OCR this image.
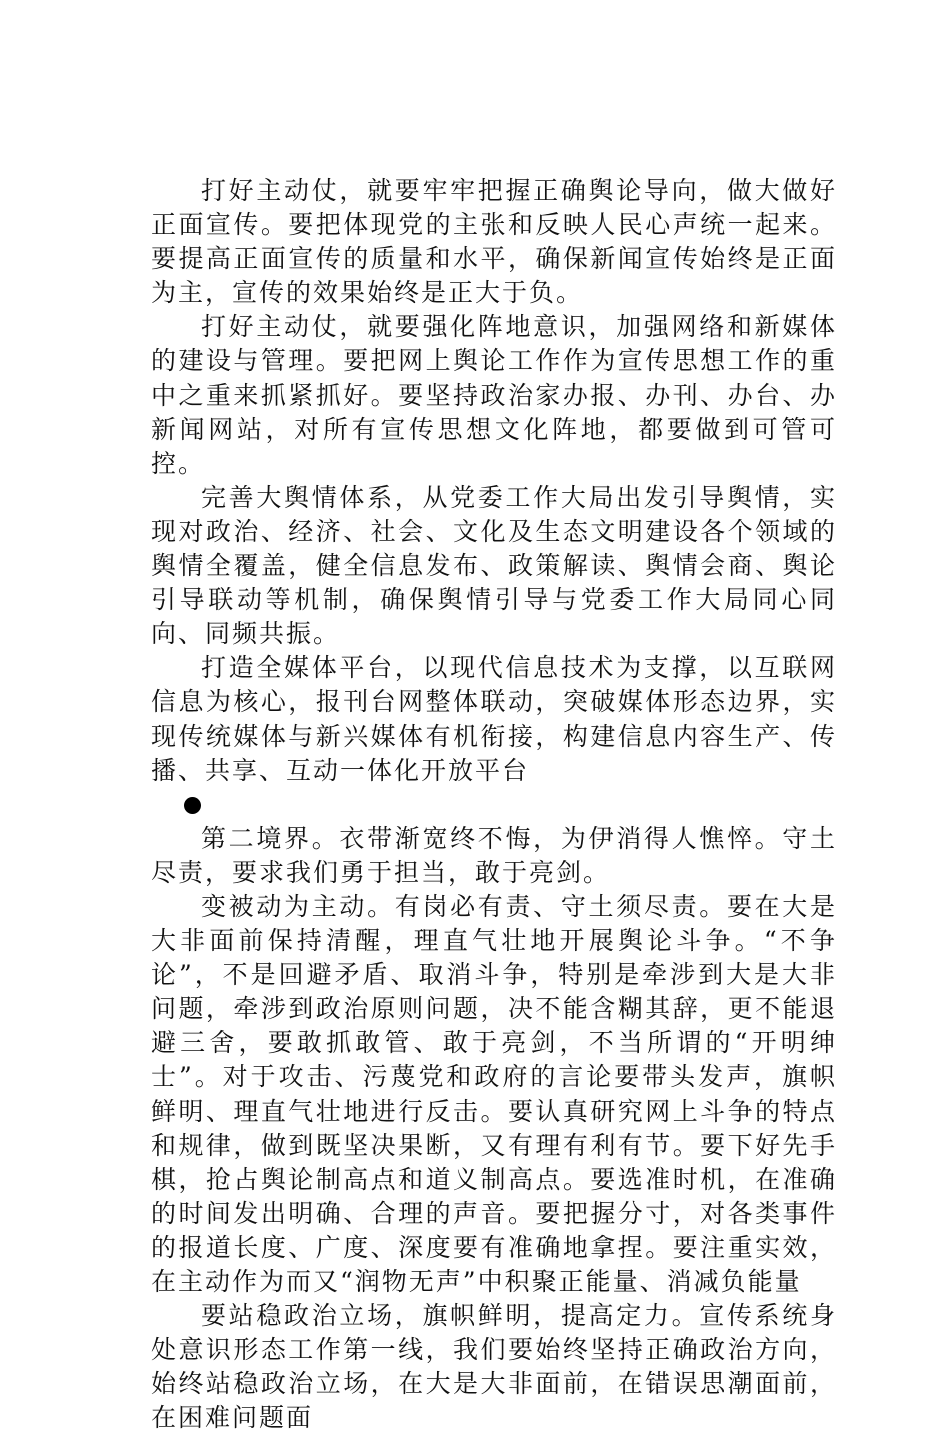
打好主动仗，就要牢牢把握正确舆论导向，做大做好正面宣传。要把体现党的主张和反映人民心声统一起来。要提高正面宣传的质量和水平，确保新闻宣传始终是正面为主，宣传的效果始终是正大于负。

打好主动仗，就要强化阵地意识，加强网络和新媒体的建设与管理。要把网上舆论工作作为宣传思想工作的重中之重来抓紧抓好。要坚持政治家办报、办刊、办台、办新闻网站，对所有宣传思想文化阵地，都要做到可管可控。

完善大舆情体系，从党委工作大局出发引导舆情，实现对政治、经济、社会、文化及生态文明建设各个领域的舆情全覆盖，健全信息发布、政策解读、舆情会商、舆论引导联动等机制，确保舆情引导与党委工作大局同心同向、同频共振。

打造全媒体平台，以现代信息技术为支撑，以互联网信息为核心，报刊台网整体联动，突破媒体形态边界，实现传统媒体与新兴媒体有机衔接，构建信息内容生产、传播、共享、互动一体化开放平台

第二境界。衣带渐宽终不悔，为伊消得人憔悴。守土尽责，要求我们勇于担当，敢于亮剑。

变被动为主动。有岗必有责、守土须尽责。要在大是大非面前保持清醒，理直气壮地开展舆论斗争。“不争论”，不是回避矛盾、取消斗争，特别是牵涉到大是大非问题，牵涉到政治原则问题，决不能含糊其辞，更不能退避三舍，要敢抓敢管、敢于亮剑，不当所谓的“开明绅士”。对于攻击、污蔑党和政府的言论要带头发声，旗帜鲜明、理直气壮地进行反击。要认真研究网上斗争的特点和规律，做到既坚决果断，又有理有利有节。要下好先手棋，抢占舆论制高点和道义制高点。要选准时机，在准确的时间发出明确、合理的声音。要把握分寸，对各类事件的报道长度、广度、深度要有准确地拿捏。要注重实效，在主动作为而又“润物无声”中积聚正能量、消减负能量

要站稳政治立场，旗帜鲜明，提高定力。宣传系统身处意识形态工作第一线，我们要始终坚持正确政治方向，始终站稳政治立场，在大是大非面前，在错误思潮面前，在困难问题面
